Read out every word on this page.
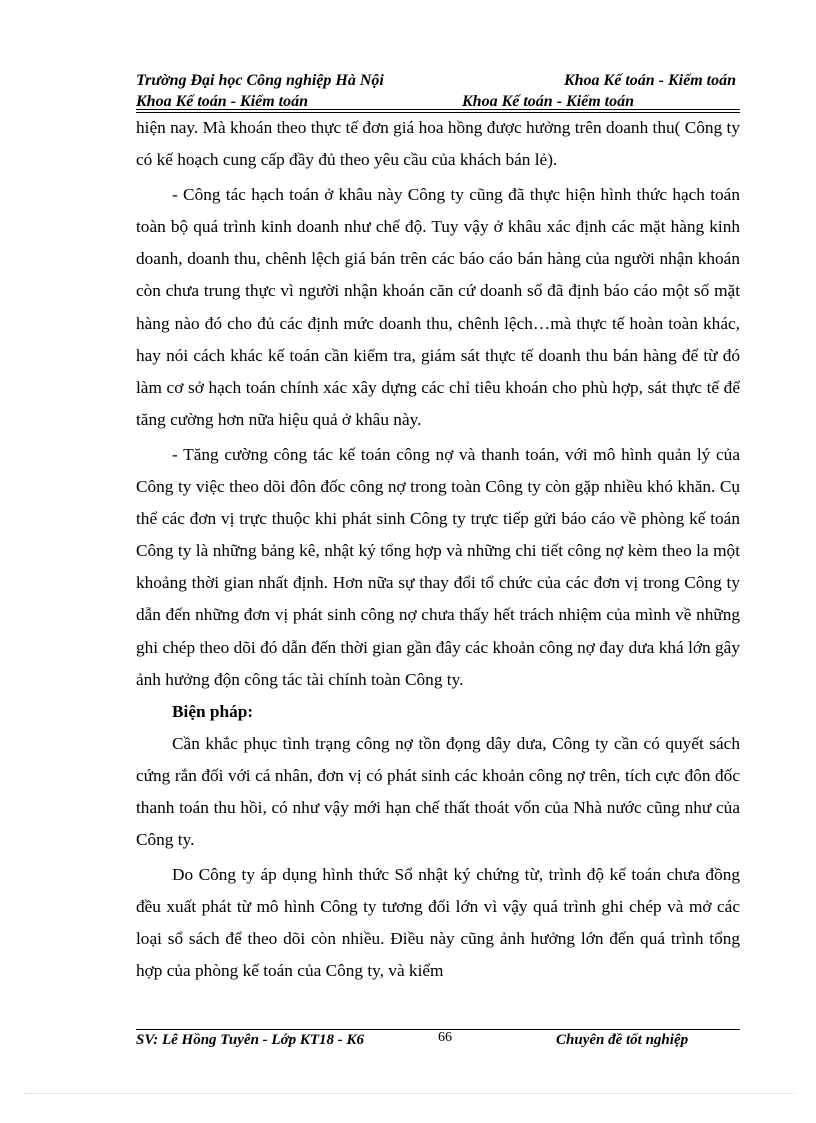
Trường Đại học Công nghiệp Hà Nội	Khoa Kế toán - Kiểm toán
Khoa Kế toán - Kiểm toán	Khoa Kế toán - Kiểm toán

hiện nay. Mà khoán theo thực tế đơn giá hoa hồng được hưởng trên doanh thu( Công ty có kế hoạch cung cấp đầy đủ theo yêu cầu của khách bán lẻ).

- Công tác hạch toán ở khâu này Công ty cũng đã thực hiện hình thức hạch toán toàn bộ quá trình kinh doanh như chế độ. Tuy vậy ở khâu xác định các mặt hàng kinh doanh, doanh thu, chênh lệch giá bán trên các báo cáo bán hàng của người nhận khoán còn chưa trung thực vì người nhận khoán căn cứ doanh số đã định báo cáo một số mặt hàng nào đó cho đủ các định mức doanh thu, chênh lệch…mà thực tế hoàn toàn khác, hay nói cách khác kế toán cần kiểm tra, giám sát thực tế doanh thu bán hàng để từ đó làm cơ sở hạch toán chính xác xây dựng các chỉ tiêu khoán cho phù hợp, sát thực tế để tăng cường hơn nữa hiệu quả ở khâu này.

- Tăng cường công tác kế toán công nợ và thanh toán, với mô hình quản lý của Công ty việc theo dõi đôn đốc công nợ trong toàn Công ty còn gặp nhiều khó khăn. Cụ thể các đơn vị trực thuộc khi phát sinh Công ty trực tiếp gửi báo cáo về phòng kế toán Công ty là những bảng kê, nhật ký tổng hợp và những chi tiết công nợ kèm theo la một khoảng thời gian nhất định. Hơn nữa sự thay đổi tổ chức của các đơn vị trong Công ty dẫn đến những đơn vị phát sinh công nợ chưa thấy hết trách nhiệm của mình về những ghi chép theo dõi đó dẫn đến thời gian gần đây các khoản công nợ đay dưa khá lớn gây ảnh hưởng độn công tác tài chính toàn Công ty.

Biện pháp:

Cần khắc phục tình trạng công nợ tồn đọng dây dưa, Công ty cần có quyết sách cứng rắn đối với cá nhân, đơn vị có phát sinh các khoản công nợ trên, tích cực đôn đốc thanh toán thu hồi, có như vậy mới hạn chế thất thoát vốn của Nhà nước cũng như của Công ty.

Do Công ty áp dụng hình thức Sổ nhật ký chứng từ, trình độ kế toán chưa đồng đều xuất phát từ mô hình Công ty tương đối lớn vì vậy quá trình ghi chép và mở các loại sổ sách để theo dõi còn nhiều. Điều này cũng ảnh hưởng lớn đến quá trình tổng hợp của phòng kế toán của Công ty, và kiểm

SV: Lê Hồng Tuyên - Lớp KT18 - K6	66	Chuyên đề tốt nghiệp
